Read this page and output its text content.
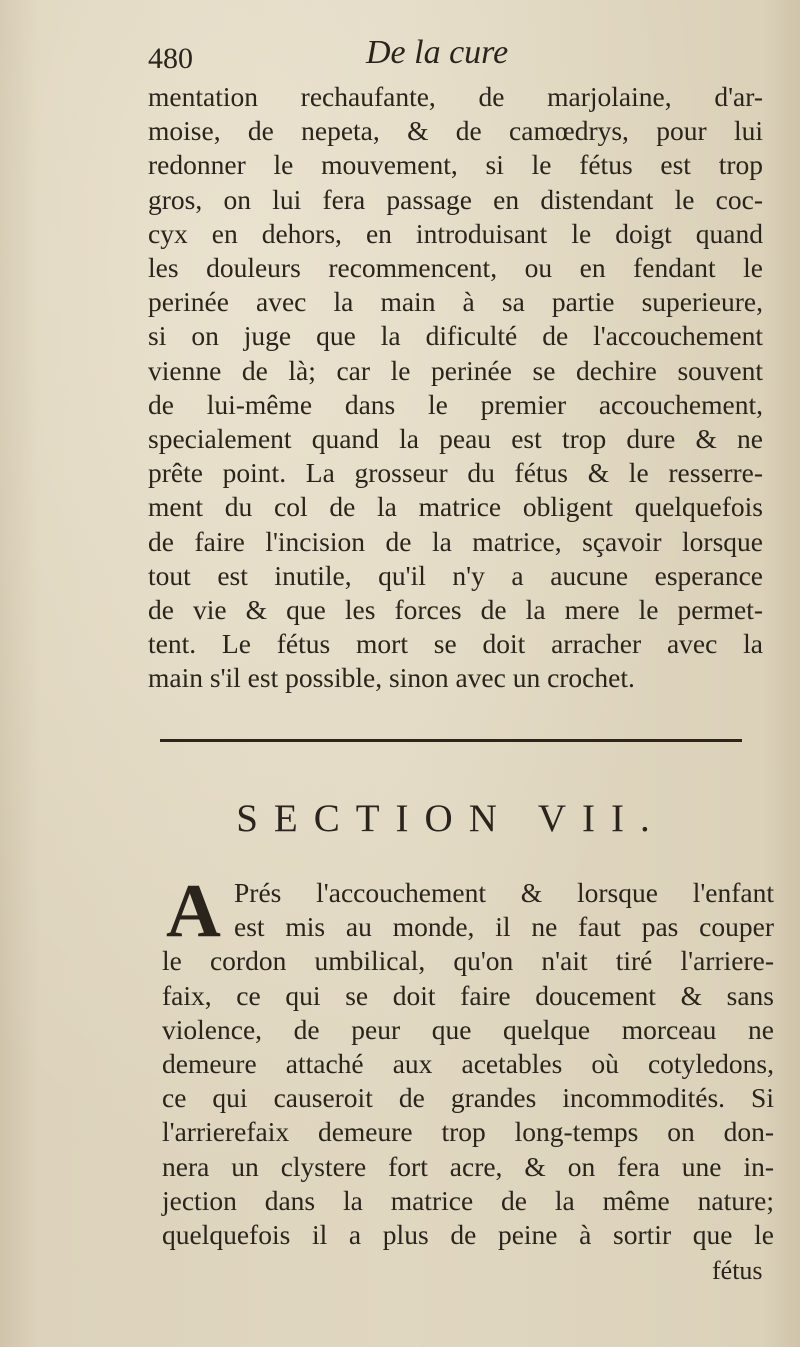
480	De la cure
mentation rechaufante, de marjolaine, d'ar-
moise, de nepeta, & de camœdrys, pour lui
redonner le mouvement, si le fétus est trop
gros, on lui fera passage en distendant le coc-
cyx en dehors, en introduisant le doigt quand
les douleurs recommencent, ou en fendant le
perinée avec la main à sa partie superieure,
si on juge que la dificulté de l'accouchement
vienne de là; car le perinée se dechire souvent
de lui-même dans le premier accouchement,
specialement quand la peau est trop dure & ne
prête point. La grosseur du fétus & le resserre-
ment du col de la matrice obligent quelquefois
de faire l'incision de la matrice, sçavoir lorsque
tout est inutile, qu'il n'y a aucune esperance
de vie & que les forces de la mere le permet-
tent. Le fétus mort se doit arracher avec la
main s'il est possible, sinon avec un crochet.
SECTION VII.
A Prés l'accouchement & lorsque l'enfant
est mis au monde, il ne faut pas couper
le cordon umbilical, qu'on n'ait tiré l'arriere-
faix, ce qui se doit faire doucement & sans
violence, de peur que quelque morceau ne
demeure attaché aux acetables où cotyledons,
ce qui causeroit de grandes incommodités. Si
l'arrierefaix demeure trop long-temps on don-
nera un clystere fort acre, & on fera une in-
jection dans la matrice de la même nature;
quelquefois il a plus de peine à sortir que le
fétus
